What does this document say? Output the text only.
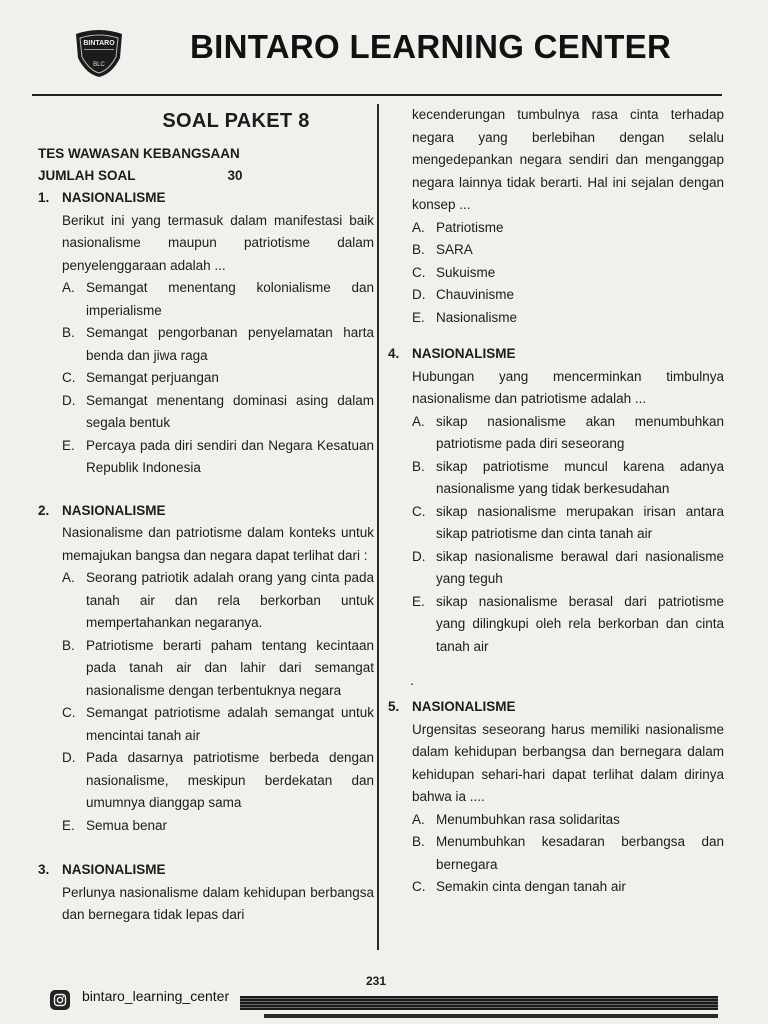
BINTARO
BLC	BINTARO LEARNING CENTER
SOAL PAKET 8
TES WAWASAN KEBANGSAAN
JUMLAH SOAL	30
1. NASIONALISME
Berikut ini yang termasuk dalam manifestasi baik nasionalisme maupun patriotisme dalam penyelenggaraan adalah ...
A. Semangat menentang kolonialisme dan imperialisme
B. Semangat pengorbanan penyelamatan harta benda dan jiwa raga
C. Semangat perjuangan
D. Semangat menentang dominasi asing dalam segala bentuk
E. Percaya pada diri sendiri dan Negara Kesatuan Republik Indonesia
2. NASIONALISME
Nasionalisme dan patriotisme dalam konteks untuk memajukan bangsa dan negara dapat terlihat dari :
A. Seorang patriotik adalah orang yang cinta pada tanah air dan rela berkorban untuk mempertahankan negaranya.
B. Patriotisme berarti paham tentang kecintaan pada tanah air dan lahir dari semangat nasionalisme dengan terbentuknya negara
C. Semangat patriotisme adalah semangat untuk mencintai tanah air
D. Pada dasarnya patriotisme berbeda dengan nasionalisme, meskipun berdekatan dan umumnya dianggap sama
E. Semua benar
3. NASIONALISME
Perlunya nasionalisme dalam kehidupan berbangsa dan bernegara tidak lepas dari
kecenderungan tumbulnya rasa cinta terhadap negara yang berlebihan dengan selalu mengedepankan negara sendiri dan menganggap negara lainnya tidak berarti. Hal ini sejalan dengan konsep ...
A. Patriotisme
B. SARA
C. Sukuisme
D. Chauvinisme
E. Nasionalisme
4. NASIONALISME
Hubungan yang mencerminkan timbulnya nasionalisme dan patriotisme adalah ...
A. sikap nasionalisme akan menumbuhkan patriotisme pada diri seseorang
B. sikap patriotisme muncul karena adanya nasionalisme yang tidak berkesudahan
C. sikap nasionalisme merupakan irisan antara sikap patriotisme dan cinta tanah air
D. sikap nasionalisme berawal dari nasionalisme yang teguh
E. sikap nasionalisme berasal dari patriotisme yang dilingkupi oleh rela berkorban dan cinta tanah air
5. NASIONALISME
Urgensitas seseorang harus memiliki nasionalisme dalam kehidupan berbangsa dan bernegara dalam kehidupan sehari-hari dapat terlihat dalam dirinya bahwa ia ....
A. Menumbuhkan rasa solidaritas
B. Menumbuhkan kesadaran berbangsa dan bernegara
C. Semakin cinta dengan tanah air
.
231
bintaro_learning_center
